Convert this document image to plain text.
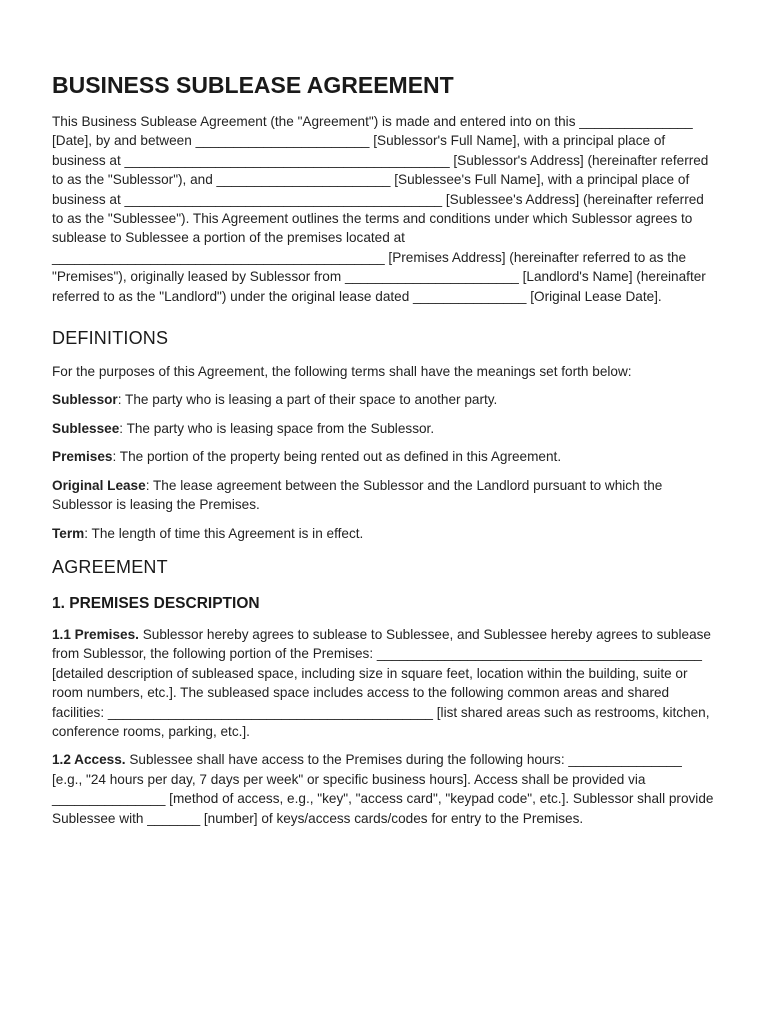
BUSINESS SUBLEASE AGREEMENT

This Business Sublease Agreement (the "Agreement") is made and entered into on this _______________ [Date], by and between _______________________ [Sublessor's Full Name], with a principal place of business at ___________________________________________ [Sublessor's Address] (hereinafter referred to as the "Sublessor"), and _______________________ [Sublessee's Full Name], with a principal place of business at __________________________________________ [Sublessee's Address] (hereinafter referred to as the "Sublessee"). This Agreement outlines the terms and conditions under which Sublessor agrees to sublease to Sublessee a portion of the premises located at ____________________________________________ [Premises Address] (hereinafter referred to as the "Premises"), originally leased by Sublessor from _______________________ [Landlord's Name] (hereinafter referred to as the "Landlord") under the original lease dated _______________ [Original Lease Date].

DEFINITIONS

For the purposes of this Agreement, the following terms shall have the meanings set forth below:

Sublessor: The party who is leasing a part of their space to another party.

Sublessee: The party who is leasing space from the Sublessor.

Premises: The portion of the property being rented out as defined in this Agreement.

Original Lease: The lease agreement between the Sublessor and the Landlord pursuant to which the Sublessor is leasing the Premises.

Term: The length of time this Agreement is in effect.

AGREEMENT
1. PREMISES DESCRIPTION

1.1 Premises. Sublessor hereby agrees to sublease to Sublessee, and Sublessee hereby agrees to sublease from Sublessor, the following portion of the Premises: ___________________________________________ [detailed description of subleased space, including size in square feet, location within the building, suite or room numbers, etc.]. The subleased space includes access to the following common areas and shared facilities: ___________________________________________ [list shared areas such as restrooms, kitchen, conference rooms, parking, etc.].

1.2 Access. Sublessee shall have access to the Premises during the following hours: _______________ [e.g., "24 hours per day, 7 days per week" or specific business hours]. Access shall be provided via _______________ [method of access, e.g., "key", "access card", "keypad code", etc.]. Sublessor shall provide Sublessee with _______ [number] of keys/access cards/codes for entry to the Premises.
